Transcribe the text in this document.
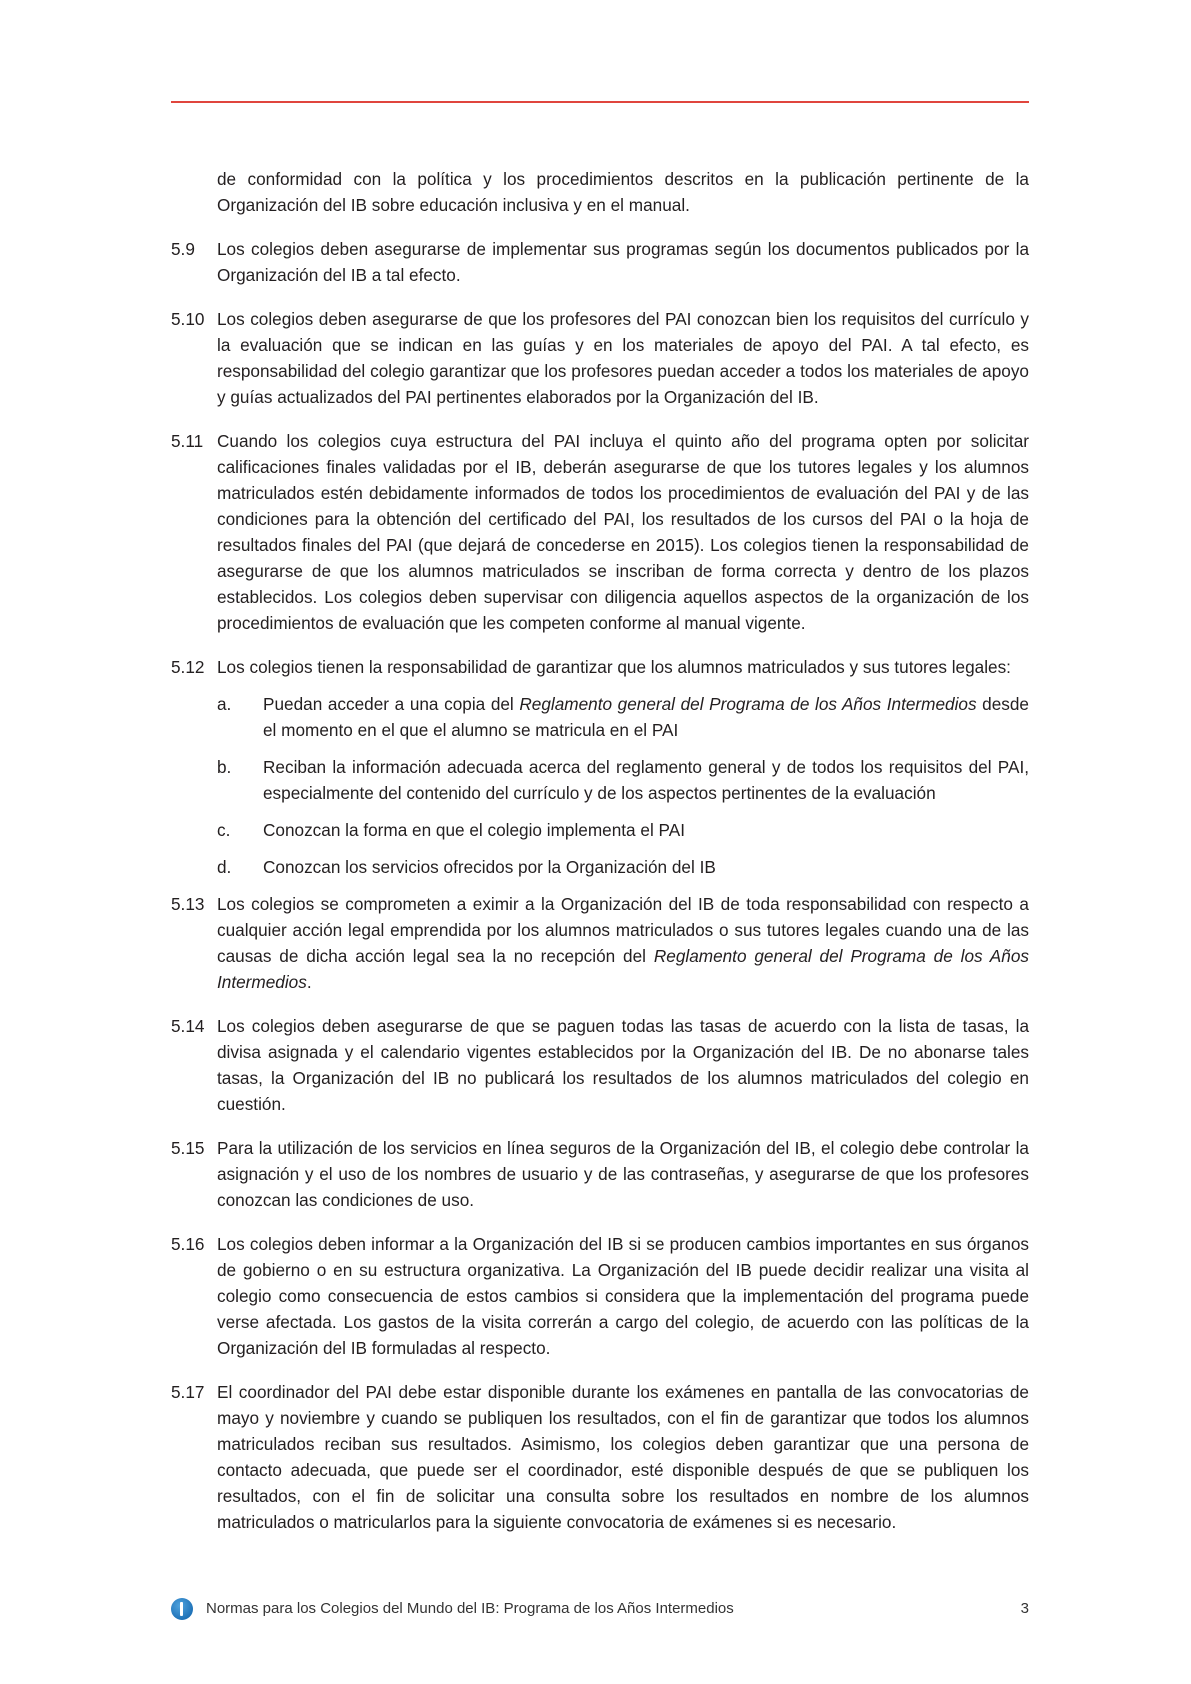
de conformidad con la política y los procedimientos descritos en la publicación pertinente de la Organización del IB sobre educación inclusiva y en el manual.

5.9 Los colegios deben asegurarse de implementar sus programas según los documentos publicados por la Organización del IB a tal efecto.
5.10 Los colegios deben asegurarse de que los profesores del PAI conozcan bien los requisitos del currículo y la evaluación que se indican en las guías y en los materiales de apoyo del PAI. A tal efecto, es responsabilidad del colegio garantizar que los profesores puedan acceder a todos los materiales de apoyo y guías actualizados del PAI pertinentes elaborados por la Organización del IB.
5.11 Cuando los colegios cuya estructura del PAI incluya el quinto año del programa opten por solicitar calificaciones finales validadas por el IB, deberán asegurarse de que los tutores legales y los alumnos matriculados estén debidamente informados de todos los procedimientos de evaluación del PAI y de las condiciones para la obtención del certificado del PAI, los resultados de los cursos del PAI o la hoja de resultados finales del PAI (que dejará de concederse en 2015). Los colegios tienen la responsabilidad de asegurarse de que los alumnos matriculados se inscriban de forma correcta y dentro de los plazos establecidos. Los colegios deben supervisar con diligencia aquellos aspectos de la organización de los procedimientos de evaluación que les competen conforme al manual vigente.
5.12 Los colegios tienen la responsabilidad de garantizar que los alumnos matriculados y sus tutores legales:
a. Puedan acceder a una copia del Reglamento general del Programa de los Años Intermedios desde el momento en el que el alumno se matricula en el PAI
b. Reciban la información adecuada acerca del reglamento general y de todos los requisitos del PAI, especialmente del contenido del currículo y de los aspectos pertinentes de la evaluación
c. Conozcan la forma en que el colegio implementa el PAI
d. Conozcan los servicios ofrecidos por la Organización del IB
5.13 Los colegios se comprometen a eximir a la Organización del IB de toda responsabilidad con respecto a cualquier acción legal emprendida por los alumnos matriculados o sus tutores legales cuando una de las causas de dicha acción legal sea la no recepción del Reglamento general del Programa de los Años Intermedios.
5.14 Los colegios deben asegurarse de que se paguen todas las tasas de acuerdo con la lista de tasas, la divisa asignada y el calendario vigentes establecidos por la Organización del IB. De no abonarse tales tasas, la Organización del IB no publicará los resultados de los alumnos matriculados del colegio en cuestión.
5.15 Para la utilización de los servicios en línea seguros de la Organización del IB, el colegio debe controlar la asignación y el uso de los nombres de usuario y de las contraseñas, y asegurarse de que los profesores conozcan las condiciones de uso.
5.16 Los colegios deben informar a la Organización del IB si se producen cambios importantes en sus órganos de gobierno o en su estructura organizativa. La Organización del IB puede decidir realizar una visita al colegio como consecuencia de estos cambios si considera que la implementación del programa puede verse afectada. Los gastos de la visita correrán a cargo del colegio, de acuerdo con las políticas de la Organización del IB formuladas al respecto.
5.17 El coordinador del PAI debe estar disponible durante los exámenes en pantalla de las convocatorias de mayo y noviembre y cuando se publiquen los resultados, con el fin de garantizar que todos los alumnos matriculados reciban sus resultados. Asimismo, los colegios deben garantizar que una persona de contacto adecuada, que puede ser el coordinador, esté disponible después de que se publiquen los resultados, con el fin de solicitar una consulta sobre los resultados en nombre de los alumnos matriculados o matricularlos para la siguiente convocatoria de exámenes si es necesario.
Normas para los Colegios del Mundo del IB: Programa de los Años Intermedios	3
